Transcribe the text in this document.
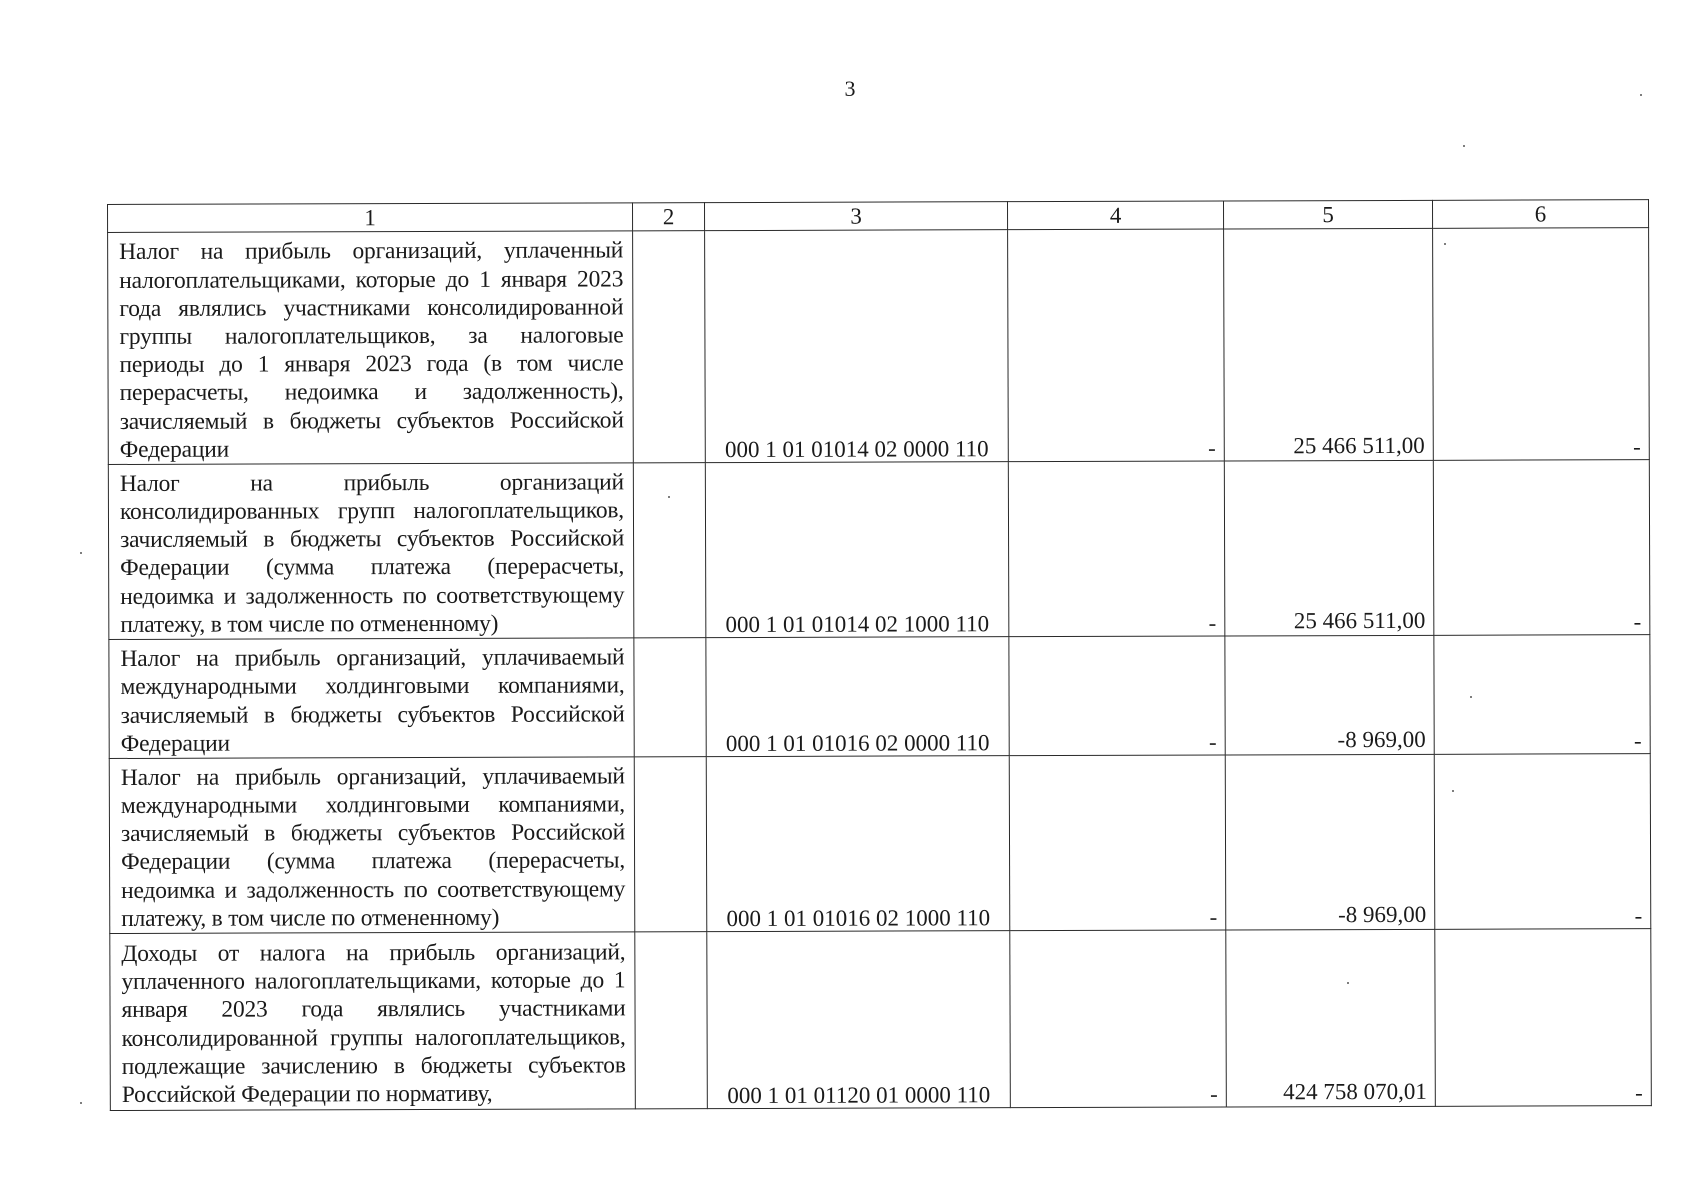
3
1	2	3	4	5	6
Налог на прибыль организаций, уплаченный налогоплательщиками, которые до 1 января 2023 года являлись участниками консолидированной группы налогоплательщиков, за налоговые периоды до 1 января 2023 года (в том числе перерасчеты, недоимка и задолженность), зачисляемый в бюджеты субъектов Российской Федерации		000 1 01 01014 02 0000 110	-	25 466 511,00	-
Налог на прибыль организаций консолидированных групп налогоплательщиков, зачисляемый в бюджеты субъектов Российской Федерации (сумма платежа (перерасчеты, недоимка и задолженность по соответствующему платежу, в том числе по отмененному)		000 1 01 01014 02 1000 110	-	25 466 511,00	-
Налог на прибыль организаций, уплачиваемый международными холдинговыми компаниями, зачисляемый в бюджеты субъектов Российской Федерации		000 1 01 01016 02 0000 110	-	-8 969,00	-
Налог на прибыль организаций, уплачиваемый международными холдинговыми компаниями, зачисляемый в бюджеты субъектов Российской Федерации (сумма платежа (перерасчеты, недоимка и задолженность по соответствующему платежу, в том числе по отмененному)		000 1 01 01016 02 1000 110	-	-8 969,00	-

Доходы от налога на прибыль организаций, уплаченного налогоплательщиками, которые до 1 января 2023 года являлись участниками консолидированной группы налогоплательщиков, подлежащие зачислению в бюджеты субъектов Российской Федерации по нормативу,		000 1 01 01120 01 0000 110	-	424 758 070,01	-
